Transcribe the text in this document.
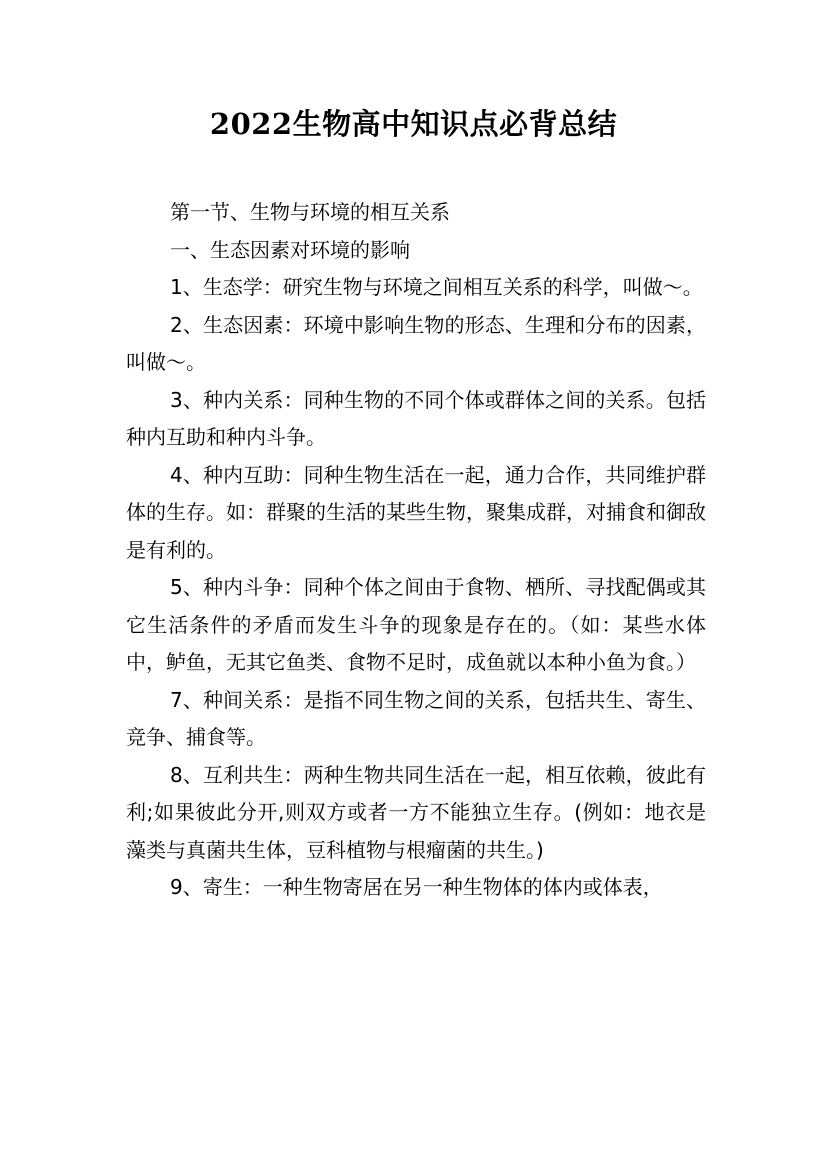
2022生物高中知识点必背总结

第一节、生物与环境的相互关系

一、生态因素对环境的影响

1、生态学：研究生物与环境之间相互关系的科学，叫做～。

2、生态因素：环境中影响生物的形态、生理和分布的因素，叫做～。

3、种内关系：同种生物的不同个体或群体之间的关系。包括种内互助和种内斗争。

4、种内互助：同种生物生活在一起，通力合作，共同维护群体的生存。如：群聚的生活的某些生物，聚集成群，对捕食和御敌是有利的。

5、种内斗争：同种个体之间由于食物、栖所、寻找配偶或其它生活条件的矛盾而发生斗争的现象是存在的。（如：某些水体中，鲈鱼，无其它鱼类、食物不足时，成鱼就以本种小鱼为食。）

7、种间关系：是指不同生物之间的关系，包括共生、寄生、竞争、捕食等。

8、互利共生：两种生物共同生活在一起，相互依赖，彼此有利;如果彼此分开,则双方或者一方不能独立生存。(例如：地衣是藻类与真菌共生体，豆科植物与根瘤菌的共生。)

9、寄生：一种生物寄居在另一种生物体的体内或体表，
